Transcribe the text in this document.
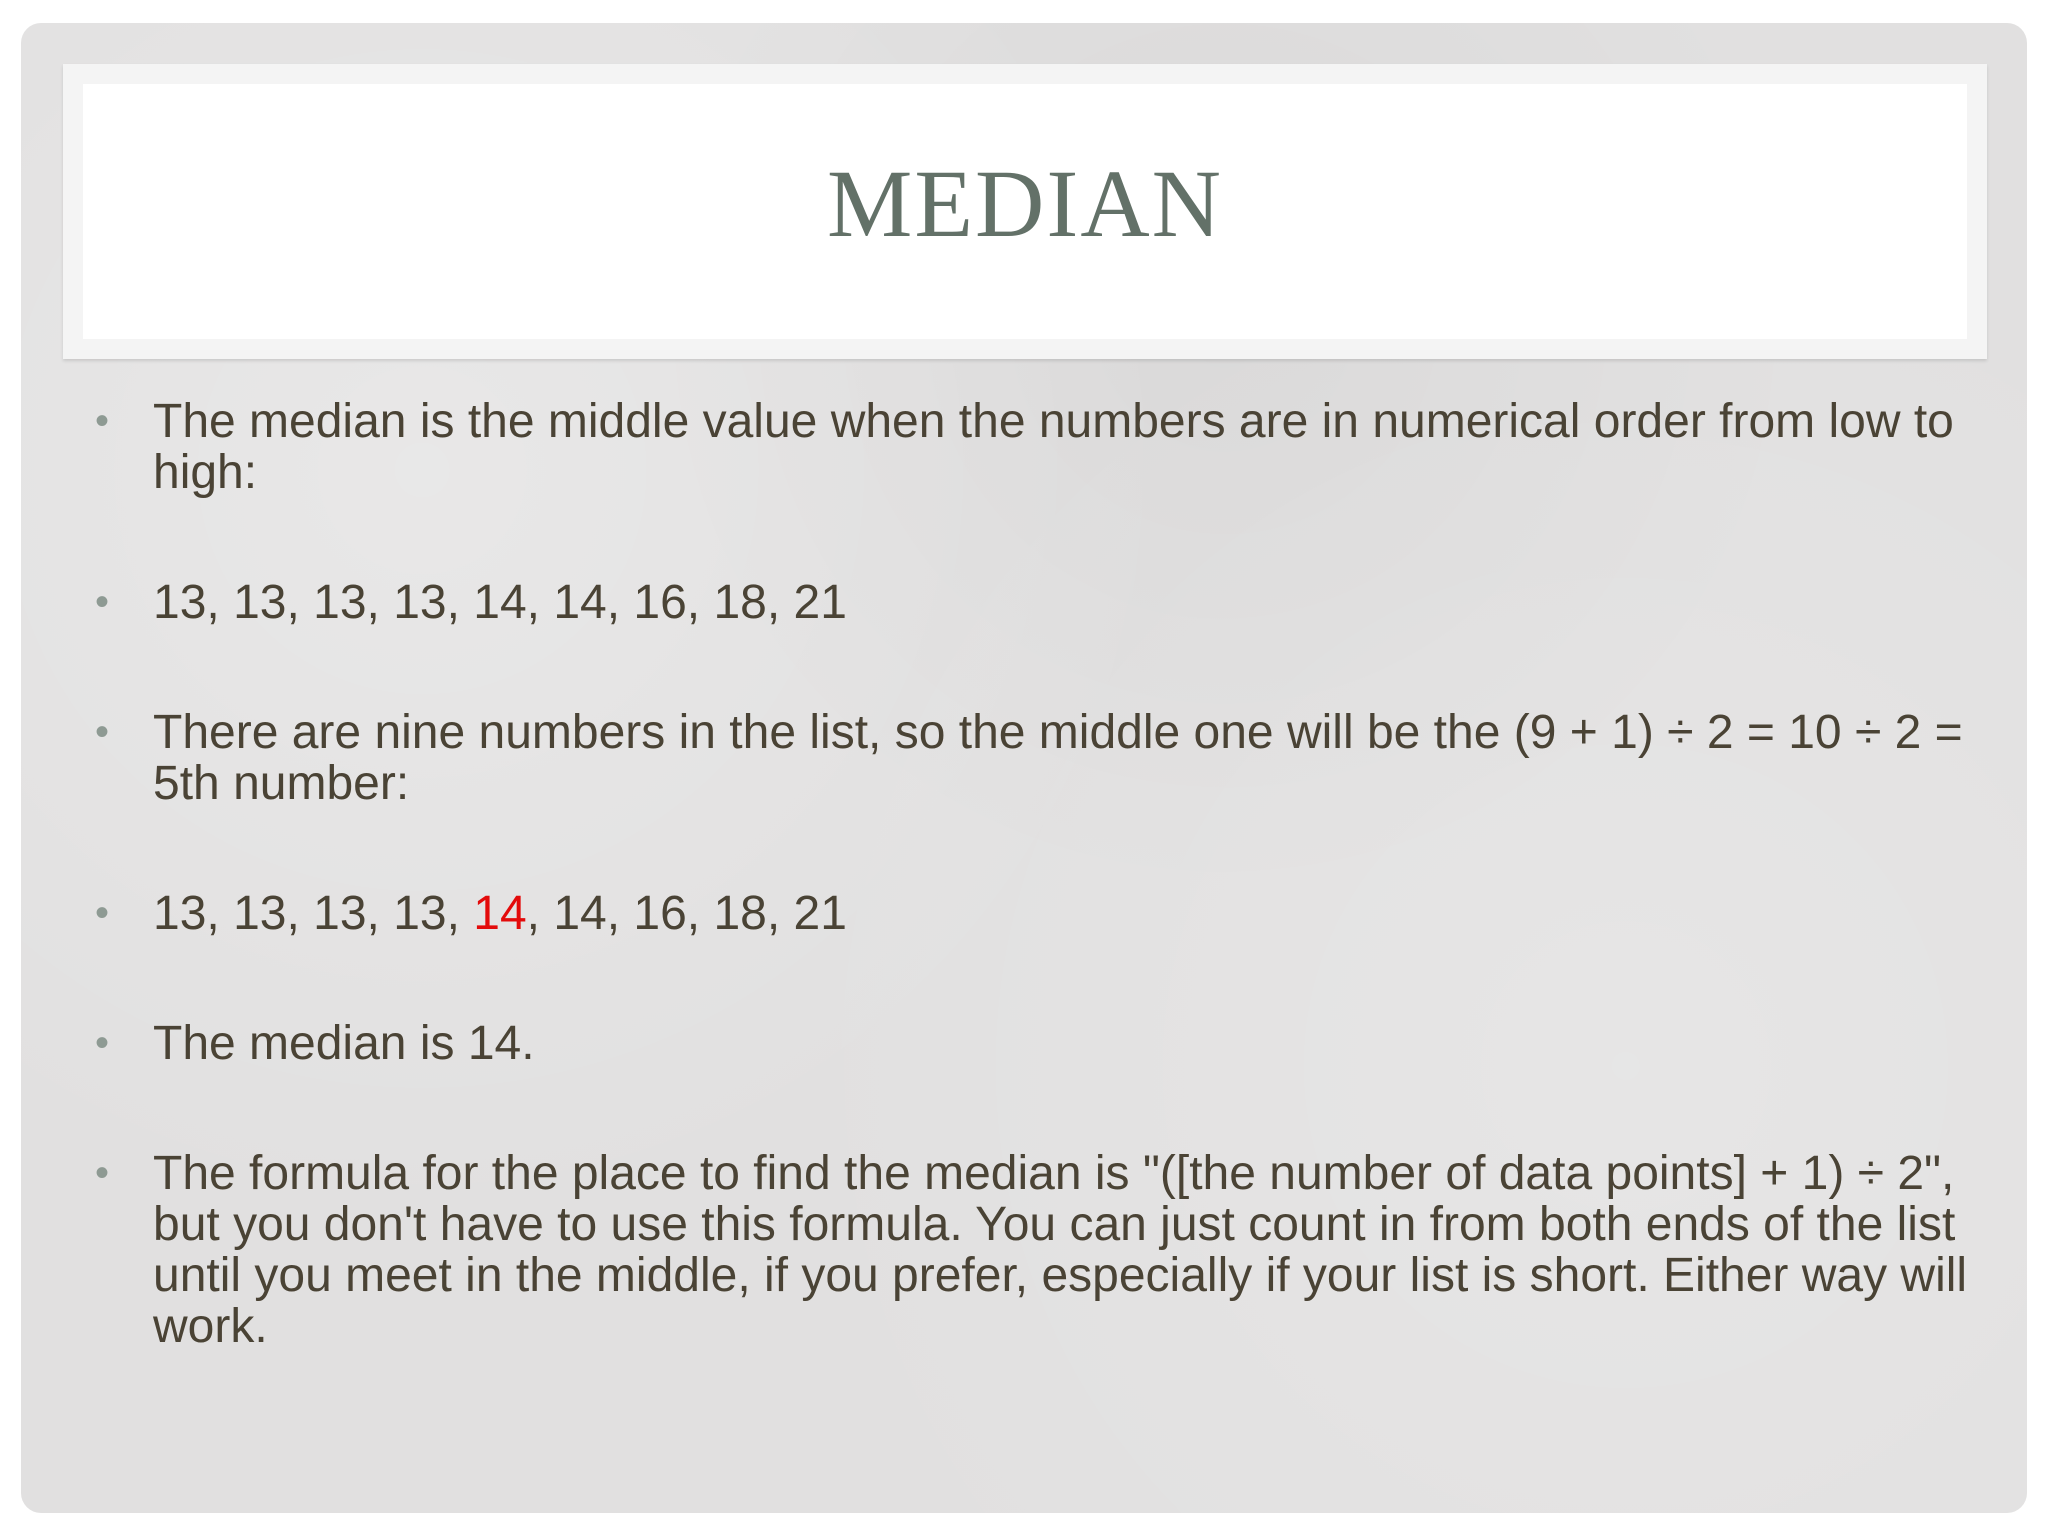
MEDIAN
• The median is the middle value when the numbers are in numerical order from low to high:
• 13, 13, 13, 13, 14, 14, 16, 18, 21
• There are nine numbers in the list, so the middle one will be the (9 + 1) ÷ 2 = 10 ÷ 2 = 5th number:
• 13, 13, 13, 13, 14, 14, 16, 18, 21
• The median is 14.
• The formula for the place to find the median is "([the number of data points] + 1) ÷ 2", but you don't have to use this formula. You can just count in from both ends of the list until you meet in the middle, if you prefer, especially if your list is short. Either way will work.
